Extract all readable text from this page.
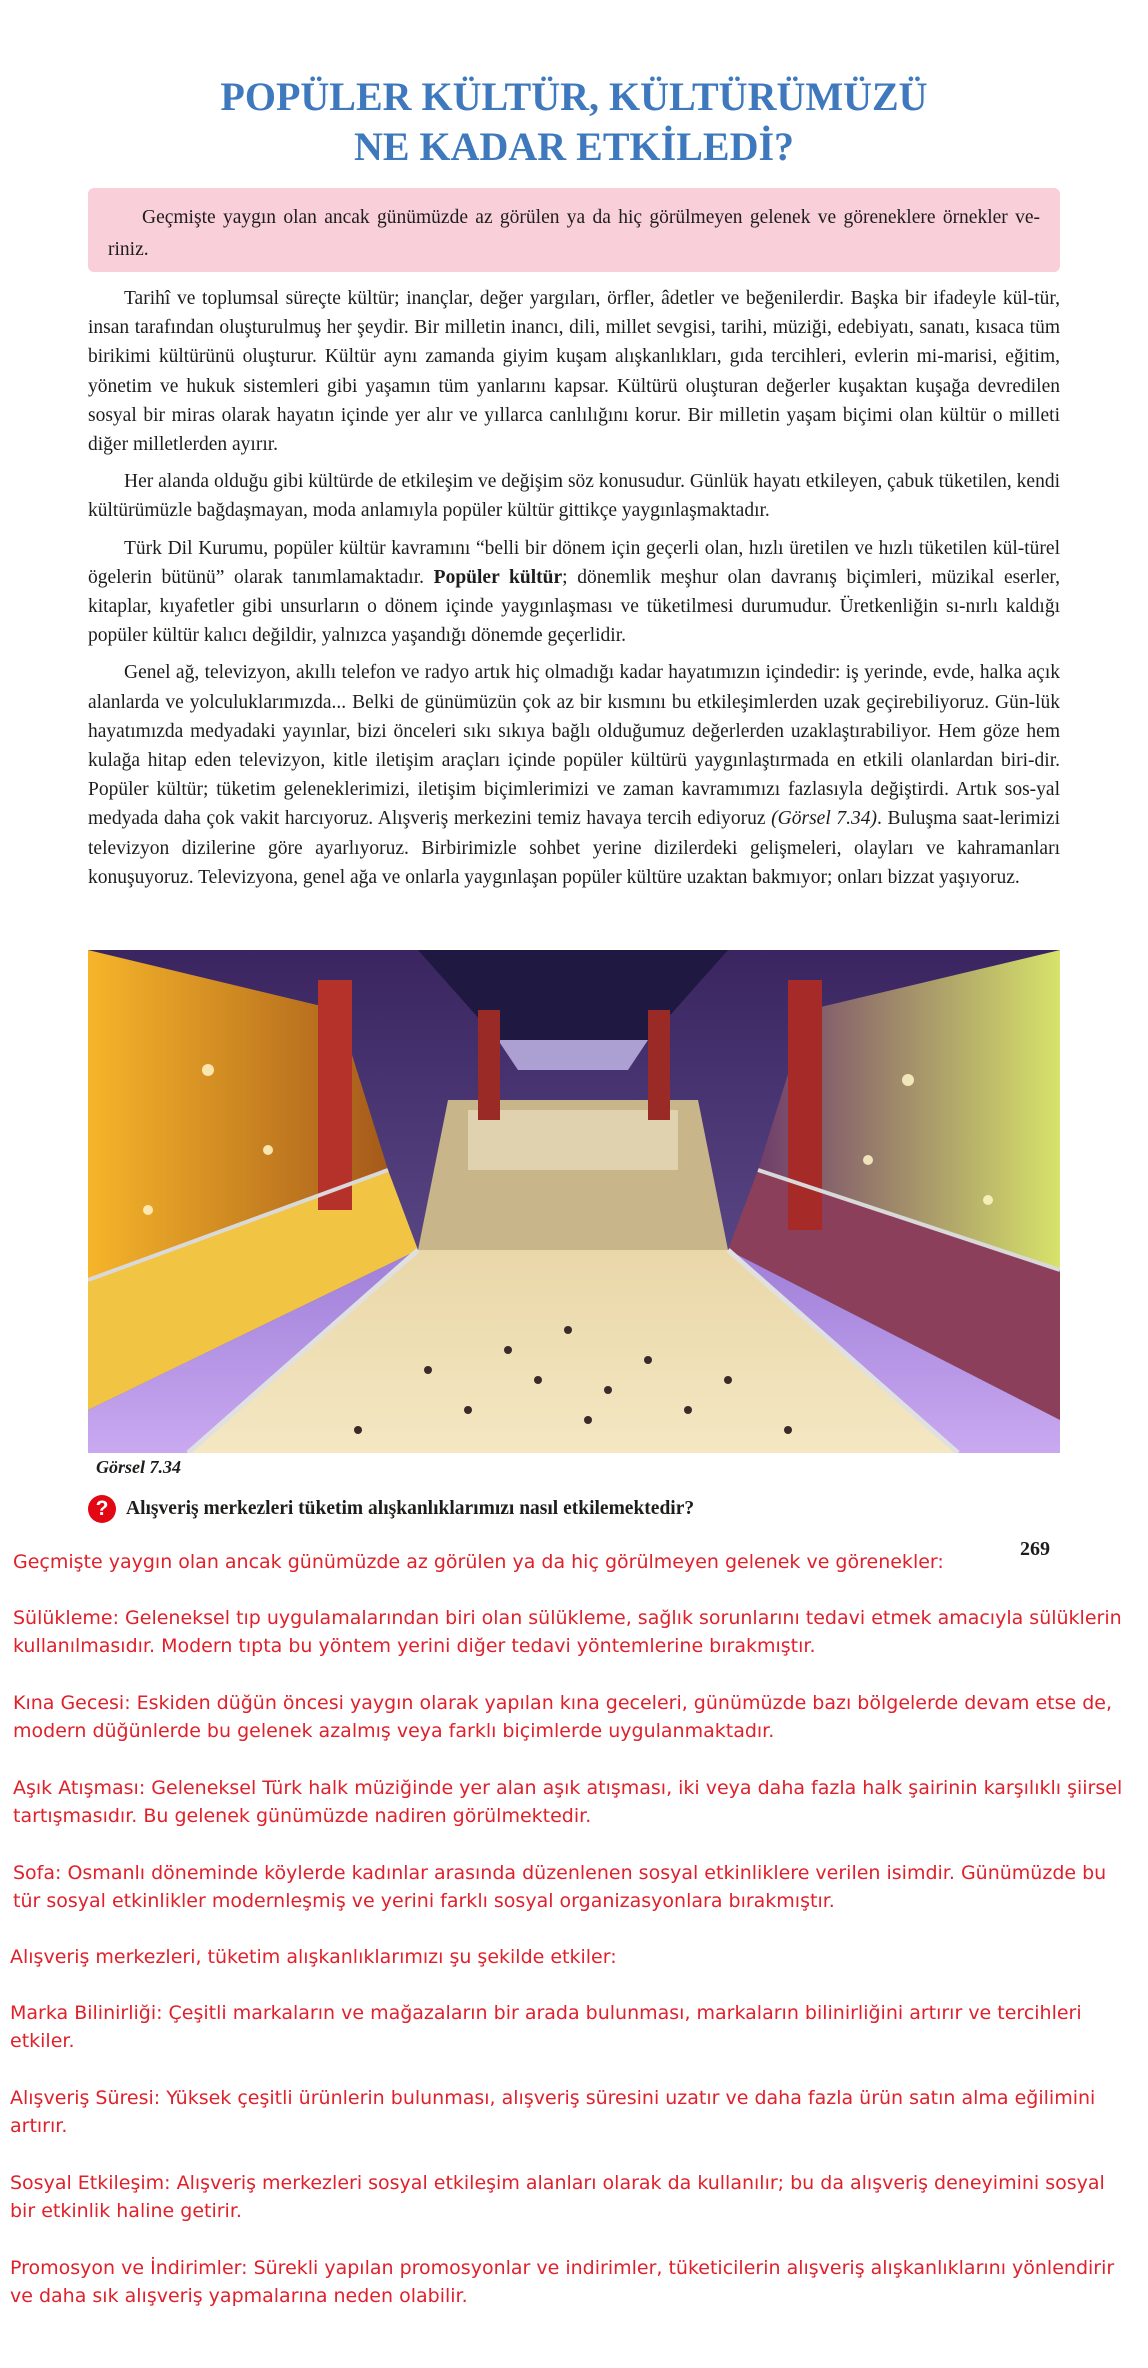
POPÜLER KÜLTÜR, KÜLTÜRÜMÜZÜ
NE KADAR ETKİLEDİ?
Geçmişte yaygın olan ancak günümüzde az görülen ya da hiç görülmeyen gelenek ve göreneklere örnekler ve-riniz.

Tarihî ve toplumsal süreçte kültür; inançlar, değer yargıları, örfler, âdetler ve beğenilerdir. Başka bir ifadeyle kül-tür, insan tarafından oluşturulmuş her şeydir. Bir milletin inancı, dili, millet sevgisi, tarihi, müziği, edebiyatı, sanatı, kısaca tüm birikimi kültürünü oluşturur. Kültür aynı zamanda giyim kuşam alışkanlıkları, gıda tercihleri, evlerin mi-marisi, eğitim, yönetim ve hukuk sistemleri gibi yaşamın tüm yanlarını kapsar. Kültürü oluşturan değerler kuşaktan kuşağa devredilen sosyal bir miras olarak hayatın içinde yer alır ve yıllarca canlılığını korur. Bir milletin yaşam biçimi olan kültür o milleti diğer milletlerden ayırır.

Her alanda olduğu gibi kültürde de etkileşim ve değişim söz konusudur. Günlük hayatı etkileyen, çabuk tüketilen, kendi kültürümüzle bağdaşmayan, moda anlamıyla popüler kültür gittikçe yaygınlaşmaktadır.

Türk Dil Kurumu, popüler kültür kavramını “belli bir dönem için geçerli olan, hızlı üretilen ve hızlı tüketilen kül-türel ögelerin bütünü” olarak tanımlamaktadır. Popüler kültür; dönemlik meşhur olan davranış biçimleri, müzikal eserler, kitaplar, kıyafetler gibi unsurların o dönem içinde yaygınlaşması ve tüketilmesi durumudur. Üretkenliğin sı-nırlı kaldığı popüler kültür kalıcı değildir, yalnızca yaşandığı dönemde geçerlidir.

Genel ağ, televizyon, akıllı telefon ve radyo artık hiç olmadığı kadar hayatımızın içindedir: iş yerinde, evde, halka açık alanlarda ve yolculuklarımızda... Belki de günümüzün çok az bir kısmını bu etkileşimlerden uzak geçirebiliyoruz. Gün-lük hayatımızda medyadaki yayınlar, bizi önceleri sıkı sıkıya bağlı olduğumuz değerlerden uzaklaştırabiliyor. Hem göze hem kulağa hitap eden televizyon, kitle iletişim araçları içinde popüler kültürü yaygınlaştırmada en etkili olanlardan biri-dir. Popüler kültür; tüketim geleneklerimizi, iletişim biçimlerimizi ve zaman kavramımızı fazlasıyla değiştirdi. Artık sos-yal medyada daha çok vakit harcıyoruz. Alışveriş merkezini temiz havaya tercih ediyoruz (Görsel 7.34). Buluşma saat-lerimizi televizyon dizilerine göre ayarlıyoruz. Birbirimizle sohbet yerine dizilerdeki gelişmeleri, olayları ve kahramanları konuşuyoruz. Televizyona, genel ağa ve onlarla yaygınlaşan popüler kültüre uzaktan bakmıyor; onları bizzat yaşıyoruz.

Görsel 7.34
? Alışveriş merkezleri tüketim alışkanlıklarımızı nasıl etkilemektedir?
269

Geçmişte yaygın olan ancak günümüzde az görülen ya da hiç görülmeyen gelenek ve görenekler:

Sülükleme: Geleneksel tıp uygulamalarından biri olan sülükleme, sağlık sorunlarını tedavi etmek amacıyla sülüklerin kullanılmasıdır. Modern tıpta bu yöntem yerini diğer tedavi yöntemlerine bırakmıştır.

Kına Gecesi: Eskiden düğün öncesi yaygın olarak yapılan kına geceleri, günümüzde bazı bölgelerde devam etse de, modern düğünlerde bu gelenek azalmış veya farklı biçimlerde uygulanmaktadır.

Aşık Atışması: Geleneksel Türk halk müziğinde yer alan aşık atışması, iki veya daha fazla halk şairinin karşılıklı şiirsel tartışmasıdır. Bu gelenek günümüzde nadiren görülmektedir.

Sofa: Osmanlı döneminde köylerde kadınlar arasında düzenlenen sosyal etkinliklere verilen isimdir. Günümüzde bu tür sosyal etkinlikler modernleşmiş ve yerini farklı sosyal organizasyonlara bırakmıştır.

Alışveriş merkezleri, tüketim alışkanlıklarımızı şu şekilde etkiler:

Marka Bilinirliği: Çeşitli markaların ve mağazaların bir arada bulunması, markaların bilinirliğini artırır ve tercihleri etkiler.

Alışveriş Süresi: Yüksek çeşitli ürünlerin bulunması, alışveriş süresini uzatır ve daha fazla ürün satın alma eğilimini artırır.

Sosyal Etkileşim: Alışveriş merkezleri sosyal etkileşim alanları olarak da kullanılır; bu da alışveriş deneyimini sosyal bir etkinlik haline getirir.

Promosyon ve İndirimler: Sürekli yapılan promosyonlar ve indirimler, tüketicilerin alışveriş alışkanlıklarını yönlendirir ve daha sık alışveriş yapmalarına neden olabilir.
